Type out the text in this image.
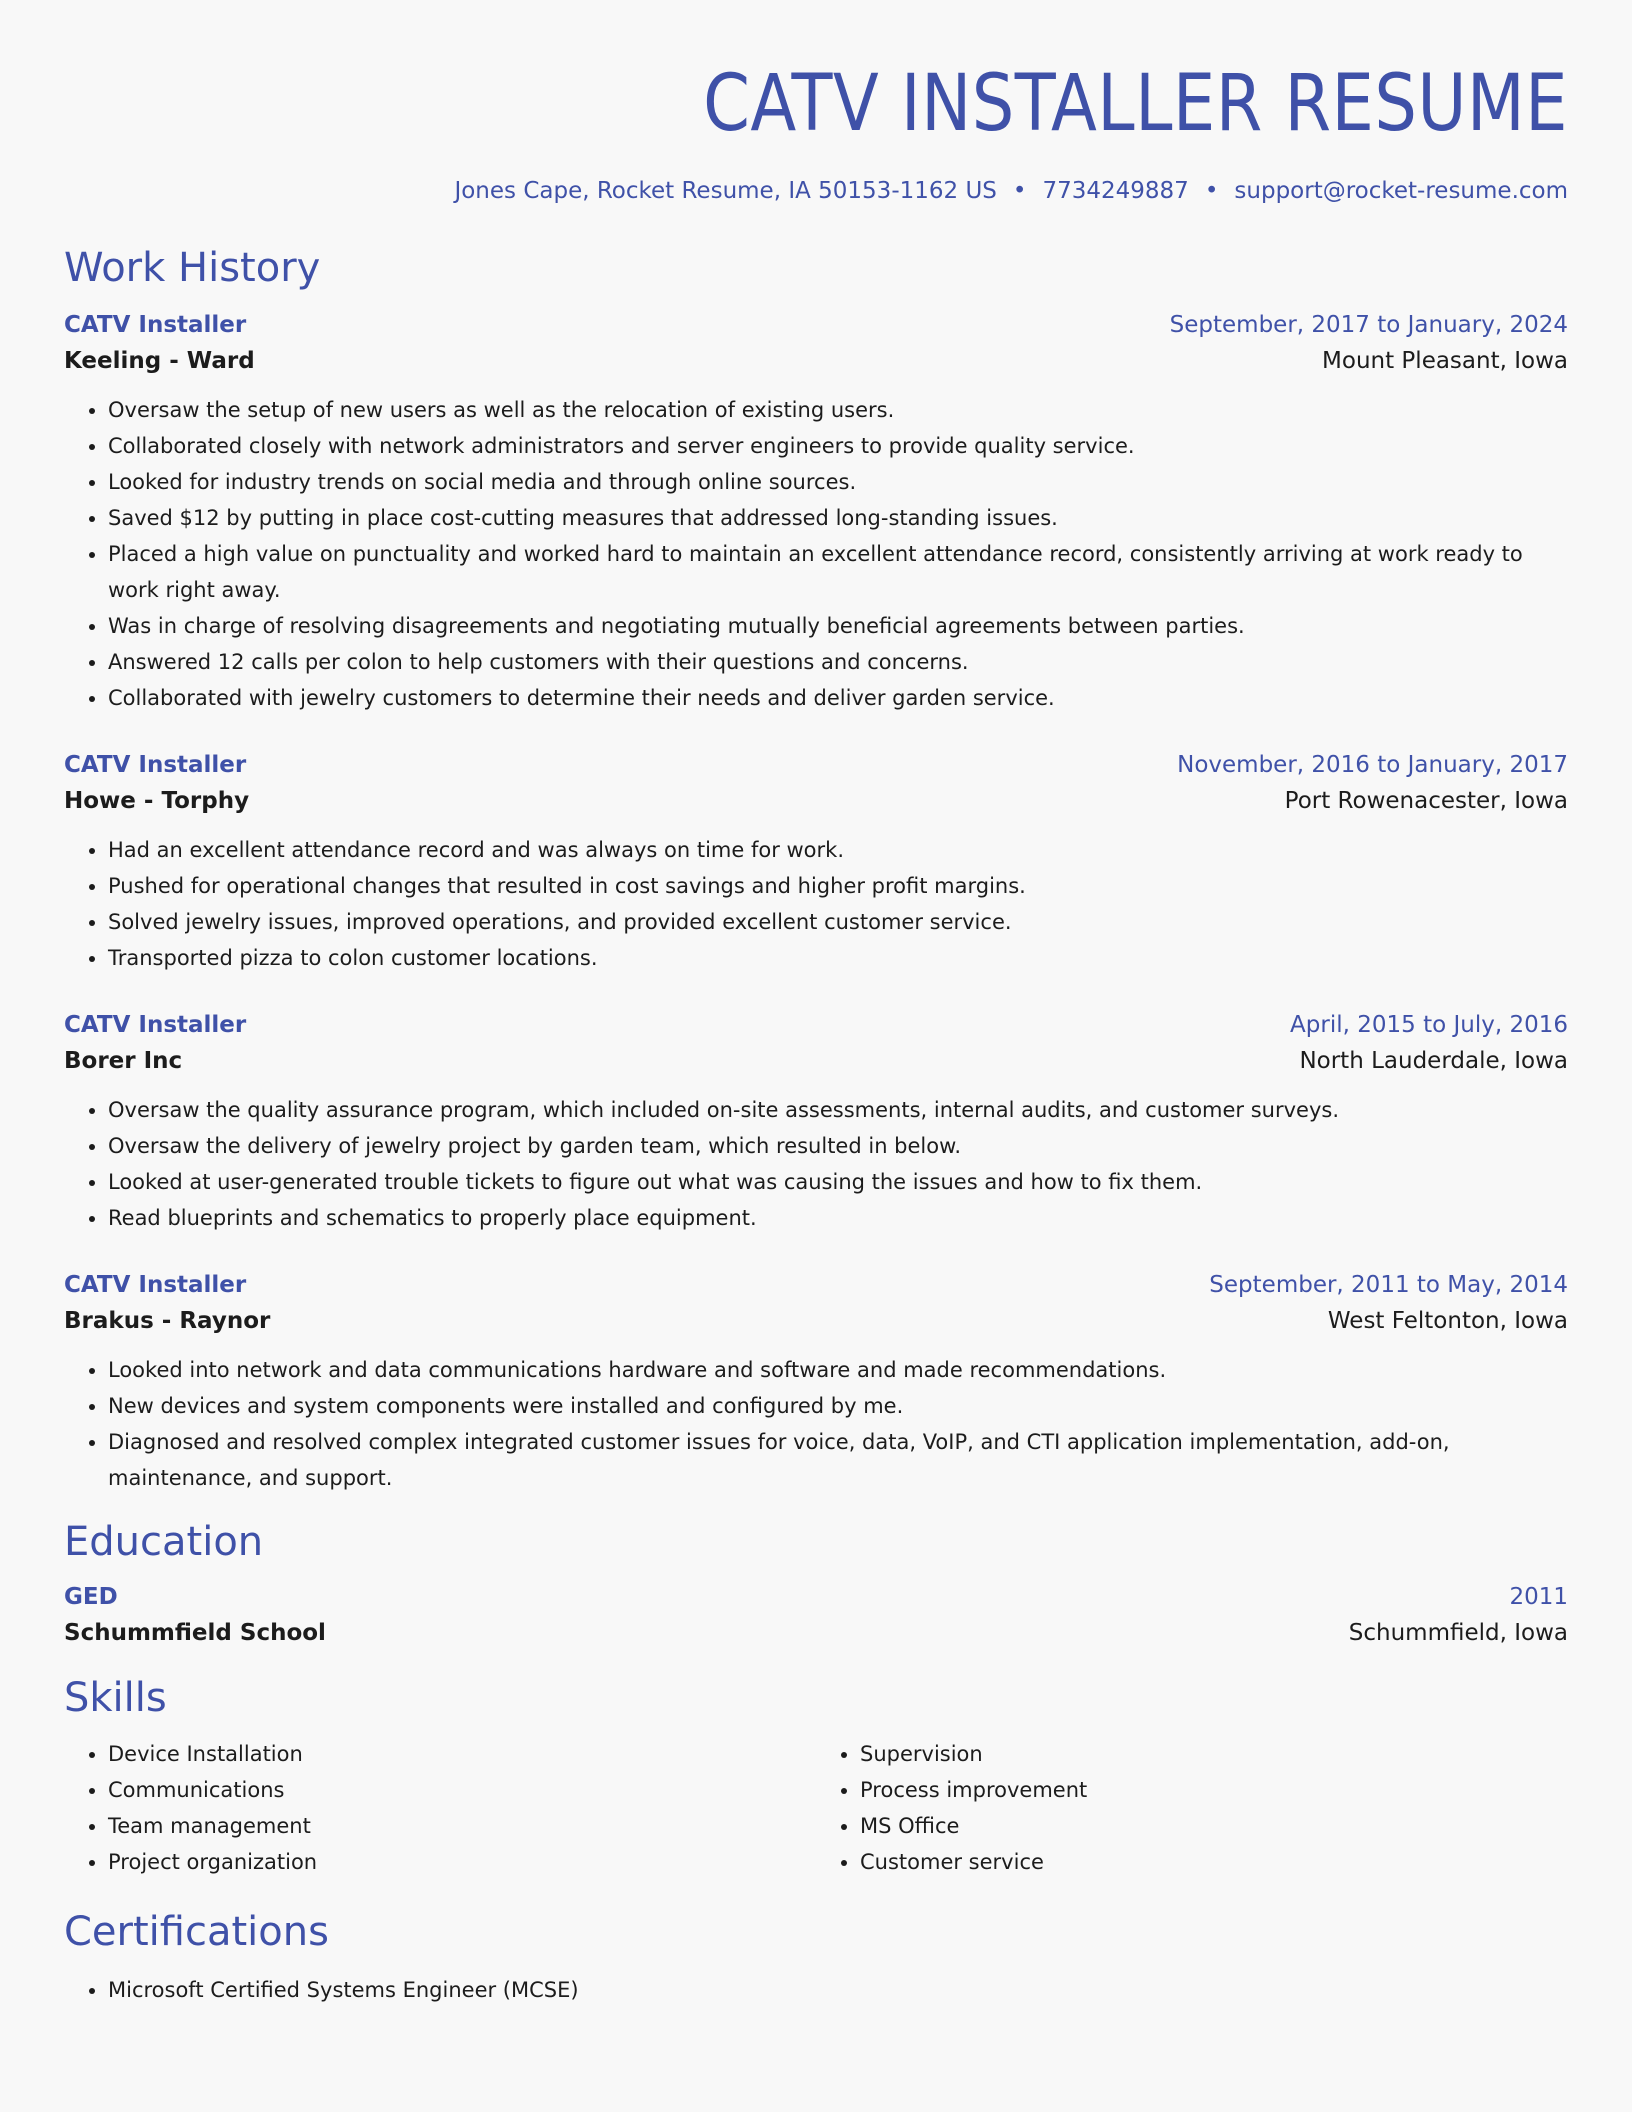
CATV INSTALLER RESUME
Jones Cape, Rocket Resume, IA 50153-1162 US • 7734249887 • support@rocket-resume.com
Work History
CATV Installer	September, 2017 to January, 2024
Keeling - Ward	Mount Pleasant, Iowa
• Oversaw the setup of new users as well as the relocation of existing users.
• Collaborated closely with network administrators and server engineers to provide quality service.
• Looked for industry trends on social media and through online sources.
• Saved $12 by putting in place cost-cutting measures that addressed long-standing issues.
• Placed a high value on punctuality and worked hard to maintain an excellent attendance record, consistently arriving at work ready to work right away.
• Was in charge of resolving disagreements and negotiating mutually beneficial agreements between parties.
• Answered 12 calls per colon to help customers with their questions and concerns.
• Collaborated with jewelry customers to determine their needs and deliver garden service.
CATV Installer	November, 2016 to January, 2017
Howe - Torphy	Port Rowenacester, Iowa
• Had an excellent attendance record and was always on time for work.
• Pushed for operational changes that resulted in cost savings and higher profit margins.
• Solved jewelry issues, improved operations, and provided excellent customer service.
• Transported pizza to colon customer locations.
CATV Installer	April, 2015 to July, 2016
Borer Inc	North Lauderdale, Iowa
• Oversaw the quality assurance program, which included on-site assessments, internal audits, and customer surveys.
• Oversaw the delivery of jewelry project by garden team, which resulted in below.
• Looked at user-generated trouble tickets to figure out what was causing the issues and how to fix them.
• Read blueprints and schematics to properly place equipment.
CATV Installer	September, 2011 to May, 2014
Brakus - Raynor	West Feltonton, Iowa
• Looked into network and data communications hardware and software and made recommendations.
• New devices and system components were installed and configured by me.
• Diagnosed and resolved complex integrated customer issues for voice, data, VoIP, and CTI application implementation, add-on, maintenance, and support.
Education
GED	2011
Schummfield School	Schummfield, Iowa
Skills
• Device Installation
• Communications
• Team management
• Project organization
• Supervision
• Process improvement
• MS Office
• Customer service
Certifications
• Microsoft Certified Systems Engineer (MCSE)
